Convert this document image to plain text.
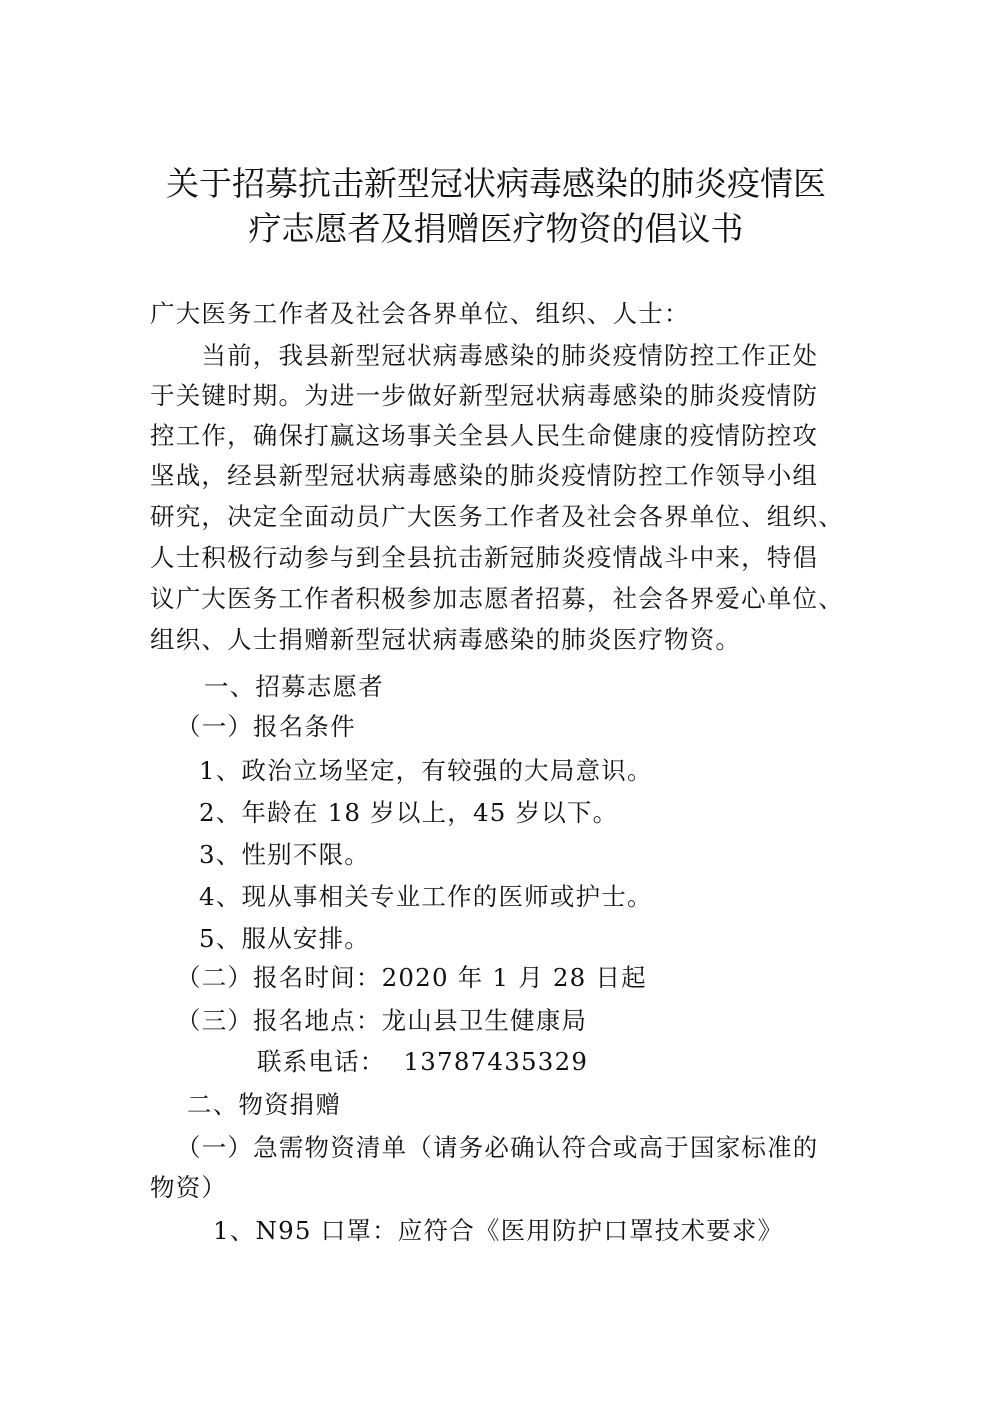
关于招募抗击新型冠状病毒感染的肺炎疫情医
疗志愿者及捐赠医疗物资的倡议书
广大医务工作者及社会各界单位、组织、人士：
　　当前，我县新型冠状病毒感染的肺炎疫情防控工作正处
于关键时期。为进一步做好新型冠状病毒感染的肺炎疫情防
控工作，确保打赢这场事关全县人民生命健康的疫情防控攻
坚战，经县新型冠状病毒感染的肺炎疫情防控工作领导小组
研究，决定全面动员广大医务工作者及社会各界单位、组织、
人士积极行动参与到全县抗击新冠肺炎疫情战斗中来，特倡
议广大医务工作者积极参加志愿者招募，社会各界爱心单位、
组织、人士捐赠新型冠状病毒感染的肺炎医疗物资。
一、招募志愿者
（一）报名条件
1、政治立场坚定，有较强的大局意识。
2、年龄在 18 岁以上，45 岁以下。
3、性别不限。
4、现从事相关专业工作的医师或护士。
5、服从安排。
（二）报名时间：2020 年 1 月 28 日起
（三）报名地点：龙山县卫生健康局
联系电话：  13787435329
二、物资捐赠
（一）急需物资清单（请务必确认符合或高于国家标准的
物资）
1、N95 口罩：应符合《医用防护口罩技术要求》
